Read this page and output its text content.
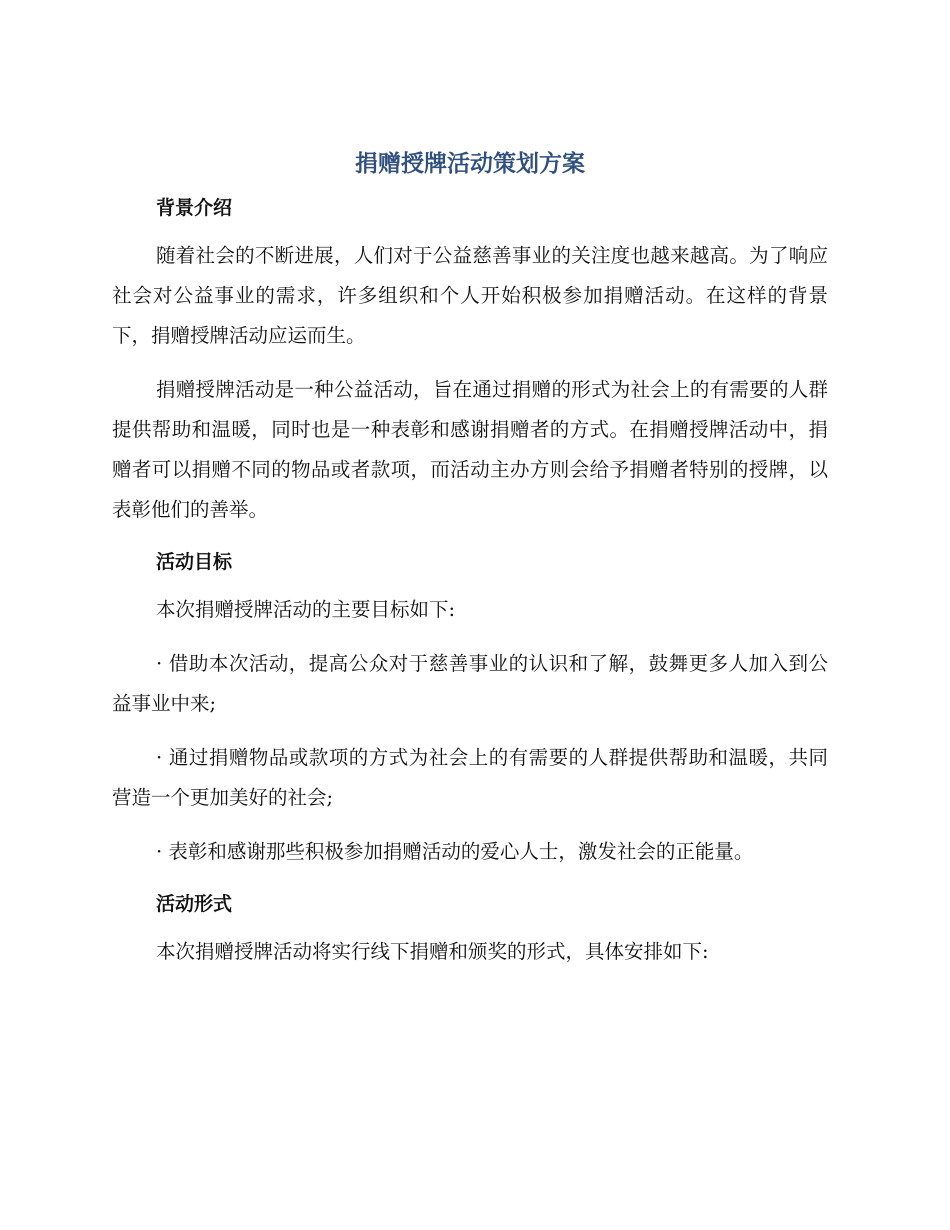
捐赠授牌活动策划方案
背景介绍

随着社会的不断进展，人们对于公益慈善事业的关注度也越来越高。为了响应社会对公益事业的需求，许多组织和个人开始积极参加捐赠活动。在这样的背景下，捐赠授牌活动应运而生。

捐赠授牌活动是一种公益活动，旨在通过捐赠的形式为社会上的有需要的人群提供帮助和温暖，同时也是一种表彰和感谢捐赠者的方式。在捐赠授牌活动中，捐赠者可以捐赠不同的物品或者款项，而活动主办方则会给予捐赠者特别的授牌，以表彰他们的善举。

活动目标

本次捐赠授牌活动的主要目标如下:

· 借助本次活动，提高公众对于慈善事业的认识和了解，鼓舞更多人加入到公益事业中来;

· 通过捐赠物品或款项的方式为社会上的有需要的人群提供帮助和温暖，共同营造一个更加美好的社会;

· 表彰和感谢那些积极参加捐赠活动的爱心人士，激发社会的正能量。

活动形式

本次捐赠授牌活动将实行线下捐赠和颁奖的形式，具体安排如下:
